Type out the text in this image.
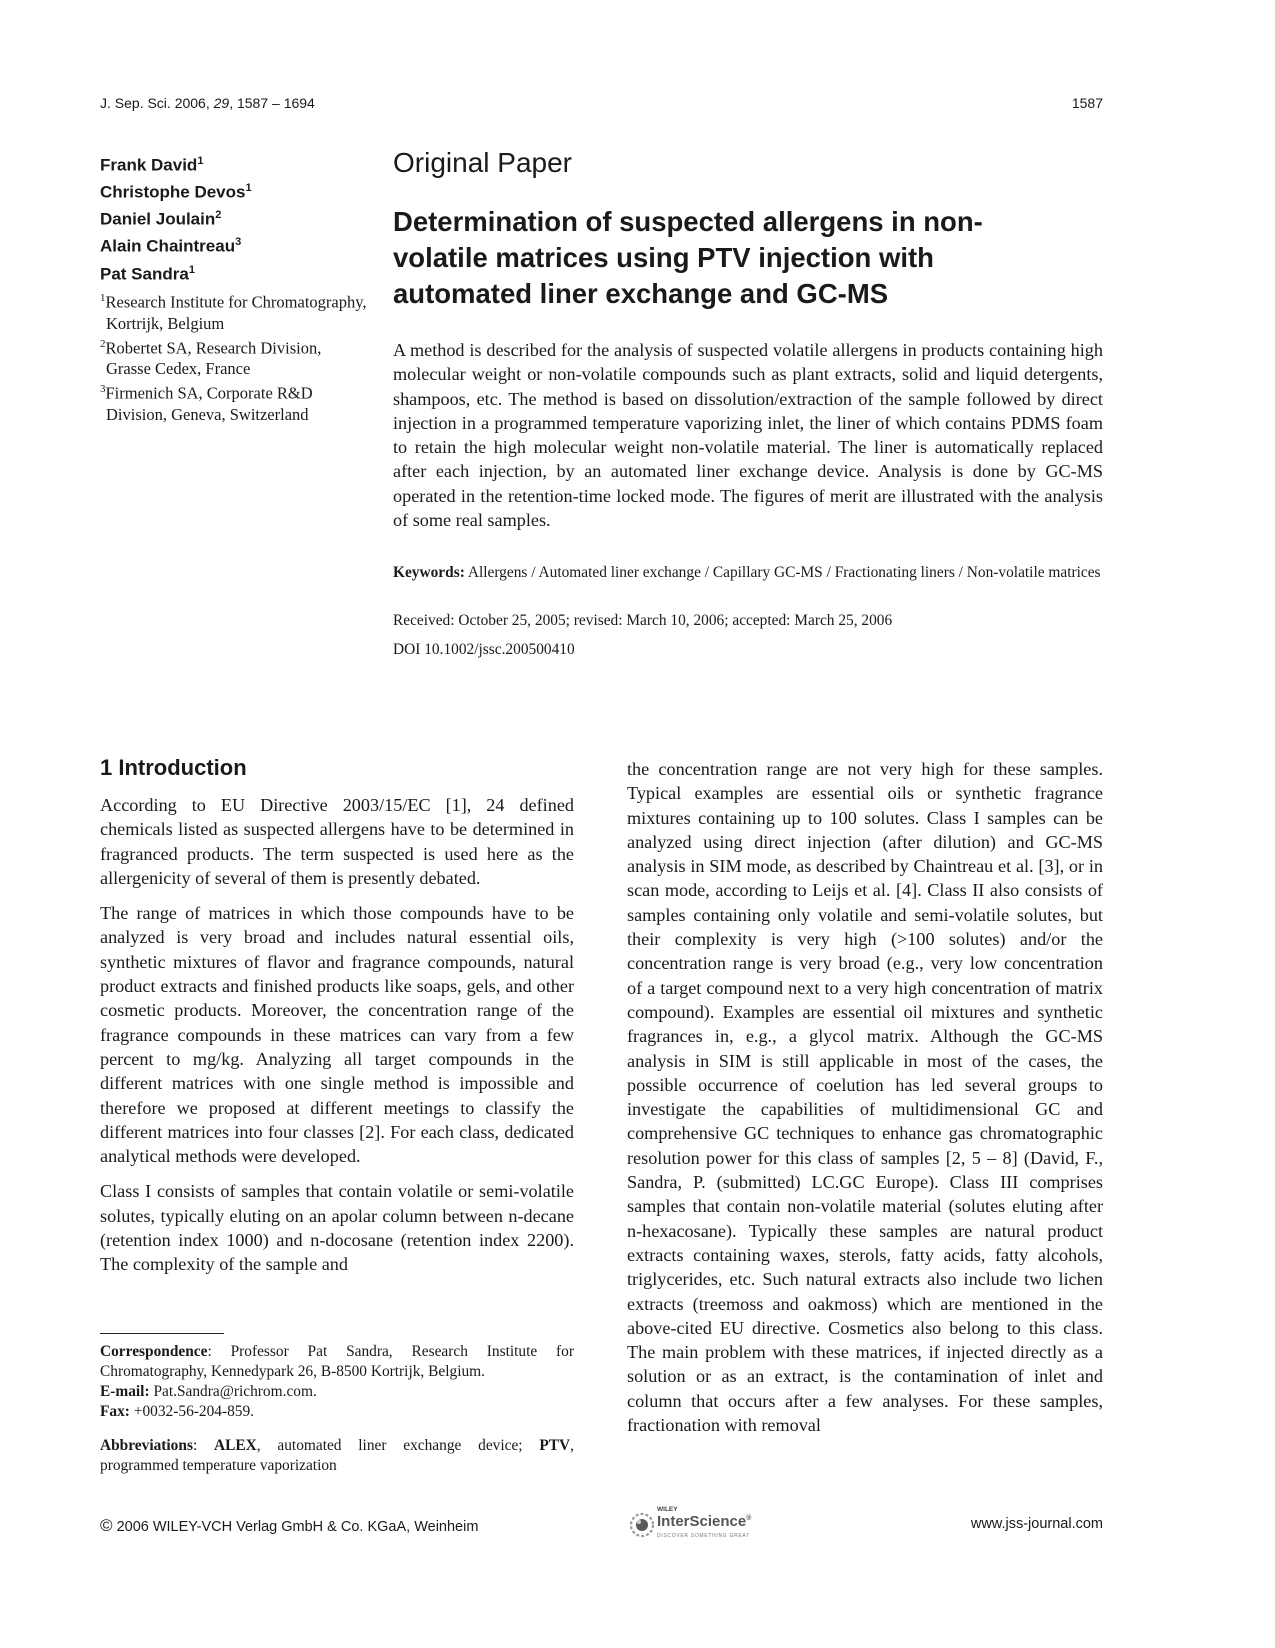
J. Sep. Sci. 2006, 29, 1587 – 1694	1587
Frank David$^1$
Christophe Devos$^1$
Daniel Joulain$^2$
Alain Chaintreau$^3$
Pat Sandra$^1$
$^1$Research Institute for Chromatography, Kortrijk, Belgium
$^2$Robertet SA, Research Division, Grasse Cedex, France
$^3$Firmenich SA, Corporate R&D Division, Geneva, Switzerland
Original Paper
Determination of suspected allergens in non-volatile matrices using PTV injection with automated liner exchange and GC-MS

A method is described for the analysis of suspected volatile allergens in products containing high molecular weight or non-volatile compounds such as plant extracts, solid and liquid detergents, shampoos, etc. The method is based on dissolution/extraction of the sample followed by direct injection in a programmed temperature vaporizing inlet, the liner of which contains PDMS foam to retain the high molecular weight non-volatile material. The liner is automatically replaced after each injection, by an automated liner exchange device. Analysis is done by GC-MS operated in the retention-time locked mode. The figures of merit are illustrated with the analysis of some real samples.

Keywords: Allergens / Automated liner exchange / Capillary GC-MS / Fractionating liners / Non-volatile matrices

Received: October 25, 2005; revised: March 10, 2006; accepted: March 25, 2006

DOI 10.1002/jssc.200500410

1 Introduction

According to EU Directive 2003/15/EC [1], 24 defined chemicals listed as suspected allergens have to be determined in fragranced products. The term suspected is used here as the allergenicity of several of them is presently debated.

The range of matrices in which those compounds have to be analyzed is very broad and includes natural essential oils, synthetic mixtures of flavor and fragrance compounds, natural product extracts and finished products like soaps, gels, and other cosmetic products. Moreover, the concentration range of the fragrance compounds in these matrices can vary from a few percent to mg/kg. Analyzing all target compounds in the different matrices with one single method is impossible and therefore we proposed at different meetings to classify the different matrices into four classes [2]. For each class, dedicated analytical methods were developed.

Class I consists of samples that contain volatile or semi-volatile solutes, typically eluting on an apolar column between n-decane (retention index 1000) and n-docosane (retention index 2200). The complexity of the sample and

the concentration range are not very high for these samples. Typical examples are essential oils or synthetic fragrance mixtures containing up to 100 solutes. Class I samples can be analyzed using direct injection (after dilution) and GC-MS analysis in SIM mode, as described by Chaintreau et al. [3], or in scan mode, according to Leijs et al. [4]. Class II also consists of samples containing only volatile and semi-volatile solutes, but their complexity is very high (>100 solutes) and/or the concentration range is very broad (e.g., very low concentration of a target compound next to a very high concentration of matrix compound). Examples are essential oil mixtures and synthetic fragrances in, e.g., a glycol matrix. Although the GC-MS analysis in SIM is still applicable in most of the cases, the possible occurrence of coelution has led several groups to investigate the capabilities of multidimensional GC and comprehensive GC techniques to enhance gas chromatographic resolution power for this class of samples [2, 5 – 8] (David, F., Sandra, P. (submitted) LC.GC Europe). Class III comprises samples that contain non-volatile material (solutes eluting after n-hexacosane). Typically these samples are natural product extracts containing waxes, sterols, fatty acids, fatty alcohols, triglycerides, etc. Such natural extracts also include two lichen extracts (treemoss and oakmoss) which are mentioned in the above-cited EU directive. Cosmetics also belong to this class. The main problem with these matrices, if injected directly as a solution or as an extract, is the contamination of inlet and column that occurs after a few analyses. For these samples, fractionation with removal

Correspondence: Professor Pat Sandra, Research Institute for Chromatography, Kennedypark 26, B-8500 Kortrijk, Belgium.
E-mail: Pat.Sandra@richrom.com.
Fax: +0032-56-204-859.

Abbreviations: ALEX, automated liner exchange device; PTV, programmed temperature vaporization

© 2006 WILEY-VCH Verlag GmbH & Co. KGaA, Weinheim
WILEY
InterScience®
DISCOVER SOMETHING GREAT
www.jss-journal.com
